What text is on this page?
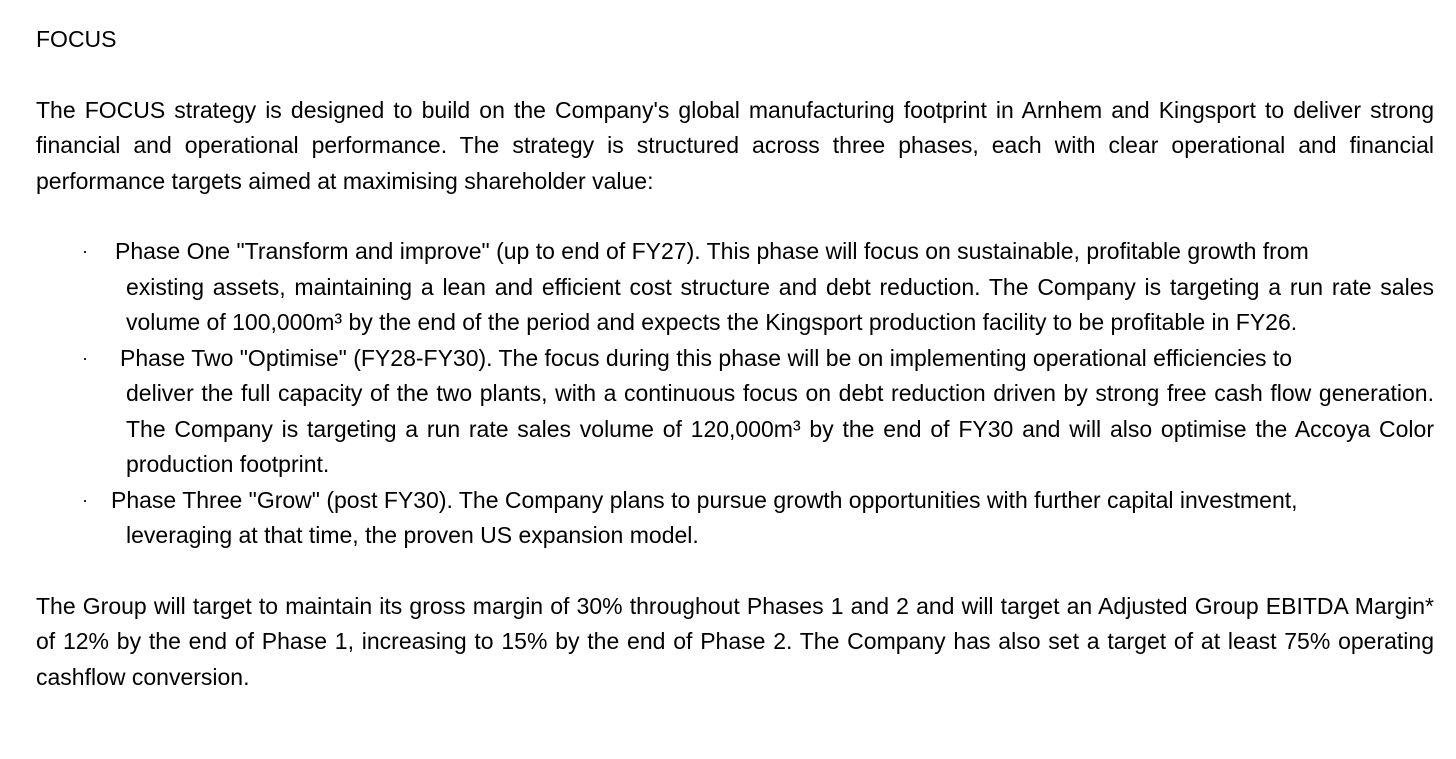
FOCUS

The FOCUS strategy is designed to build on the Company's global manufacturing footprint in Arnhem and Kingsport to deliver strong financial and operational performance. The strategy is structured across three phases, each with clear operational and financial performance targets aimed at maximising shareholder value:

· Phase One "Transform and improve" (up to end of FY27). This phase will focus on sustainable, profitable growth from
existing assets, maintaining a lean and efficient cost structure and debt reduction. The Company is targeting a run rate sales volume of 100,000m³ by the end of the period and expects the Kingsport production facility to be profitable in FY26.
· Phase Two "Optimise" (FY28-FY30). The focus during this phase will be on implementing operational efficiencies to
deliver the full capacity of the two plants, with a continuous focus on debt reduction driven by strong free cash flow generation. The Company is targeting a run rate sales volume of 120,000m³ by the end of FY30 and will also optimise the Accoya Color production footprint.
· Phase Three "Grow" (post FY30). The Company plans to pursue growth opportunities with further capital investment,
leveraging at that time, the proven US expansion model.

The Group will target to maintain its gross margin of 30% throughout Phases 1 and 2 and will target an Adjusted Group EBITDA Margin* of 12% by the end of Phase 1, increasing to 15% by the end of Phase 2. The Company has also set a target of at least 75% operating cashflow conversion.
